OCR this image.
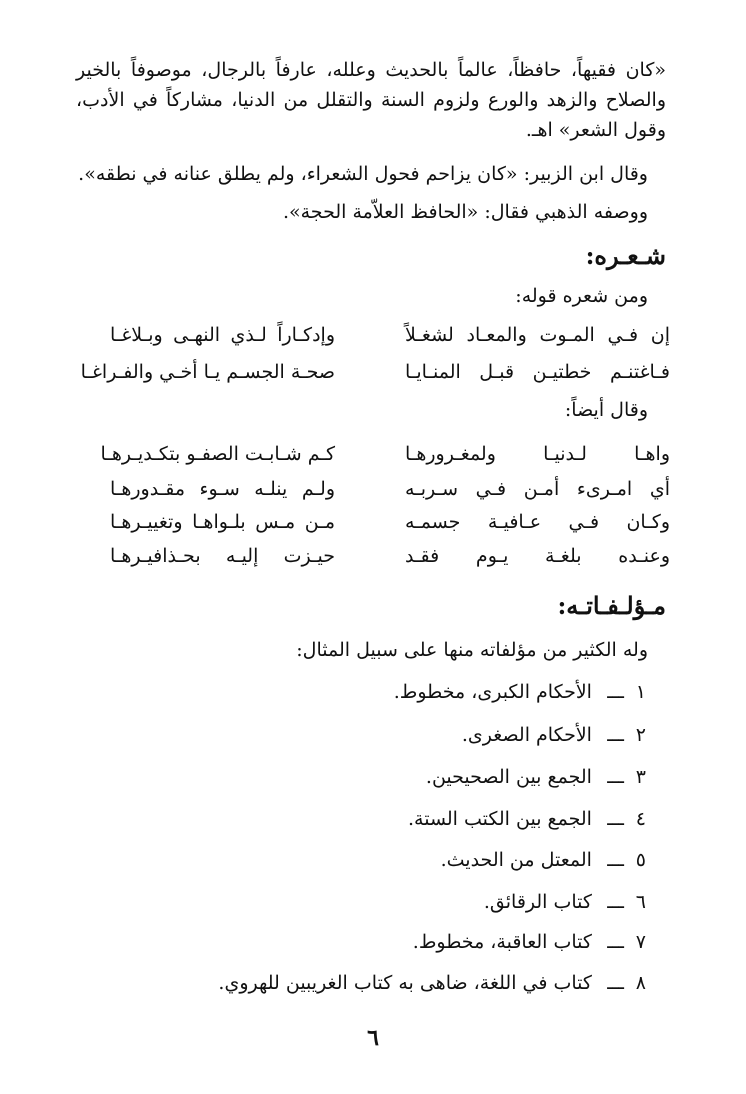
«كان فقيهاً، حافظاً، عالماً بالحديث وعلله، عارفاً بالرجال، موصوفاً بالخير والصلاح والزهد والورع ولزوم السنة والتقلل من الدنيا، مشاركاً في الأدب، وقول الشعر» اهـ.

وقال ابن الزبير: «كان يزاحم فحول الشعراء، ولم يطلق عنانه في نطقه».

ووصفه الذهبي فقال: «الحافظ العلاّمة الحجة».

شـعـره:

ومن شعره قوله:

إن فـي المـوت والمعـاد لشغـلاً
وإدكـاراً لـذي النهـى وبـلاغـا
فـاغتنـم خطتيـن قبـل المنـايـا
صحـة الجسـم يـا أخـي والفـراغـا

وقال أيضاً:

واهـا لـدنيـا ولمغـرورهـا
كـم شـابـت الصفـو بتكـديـرهـا
أي امـرىء أمـن فـي سـربـه
ولـم ينلـه سـوء مقـدورهـا
وكـان فـي عـافيـة جسمـه
مـن مـس بلـواهـا وتغييـرهـا
وعنـده بلغـة يـوم فقـد
حيـزت إليـه بحـذافيـرهـا
مـؤلـفـاتـه:

وله الكثير من مؤلفاته منها على سبيل المثال:

١ـــ الأحكام الكبرى، مخطوط.
٢ـــ الأحكام الصغرى.
٣ـــ الجمع بين الصحيحين.
٤ـــ الجمع بين الكتب الستة.
٥ـــ المعتل من الحديث.
٦ـــ كتاب الرقائق.
٧ـــ كتاب العاقبة، مخطوط.
٨ـــ كتاب في اللغة، ضاهى به كتاب الغريبين للهروي.
٦
